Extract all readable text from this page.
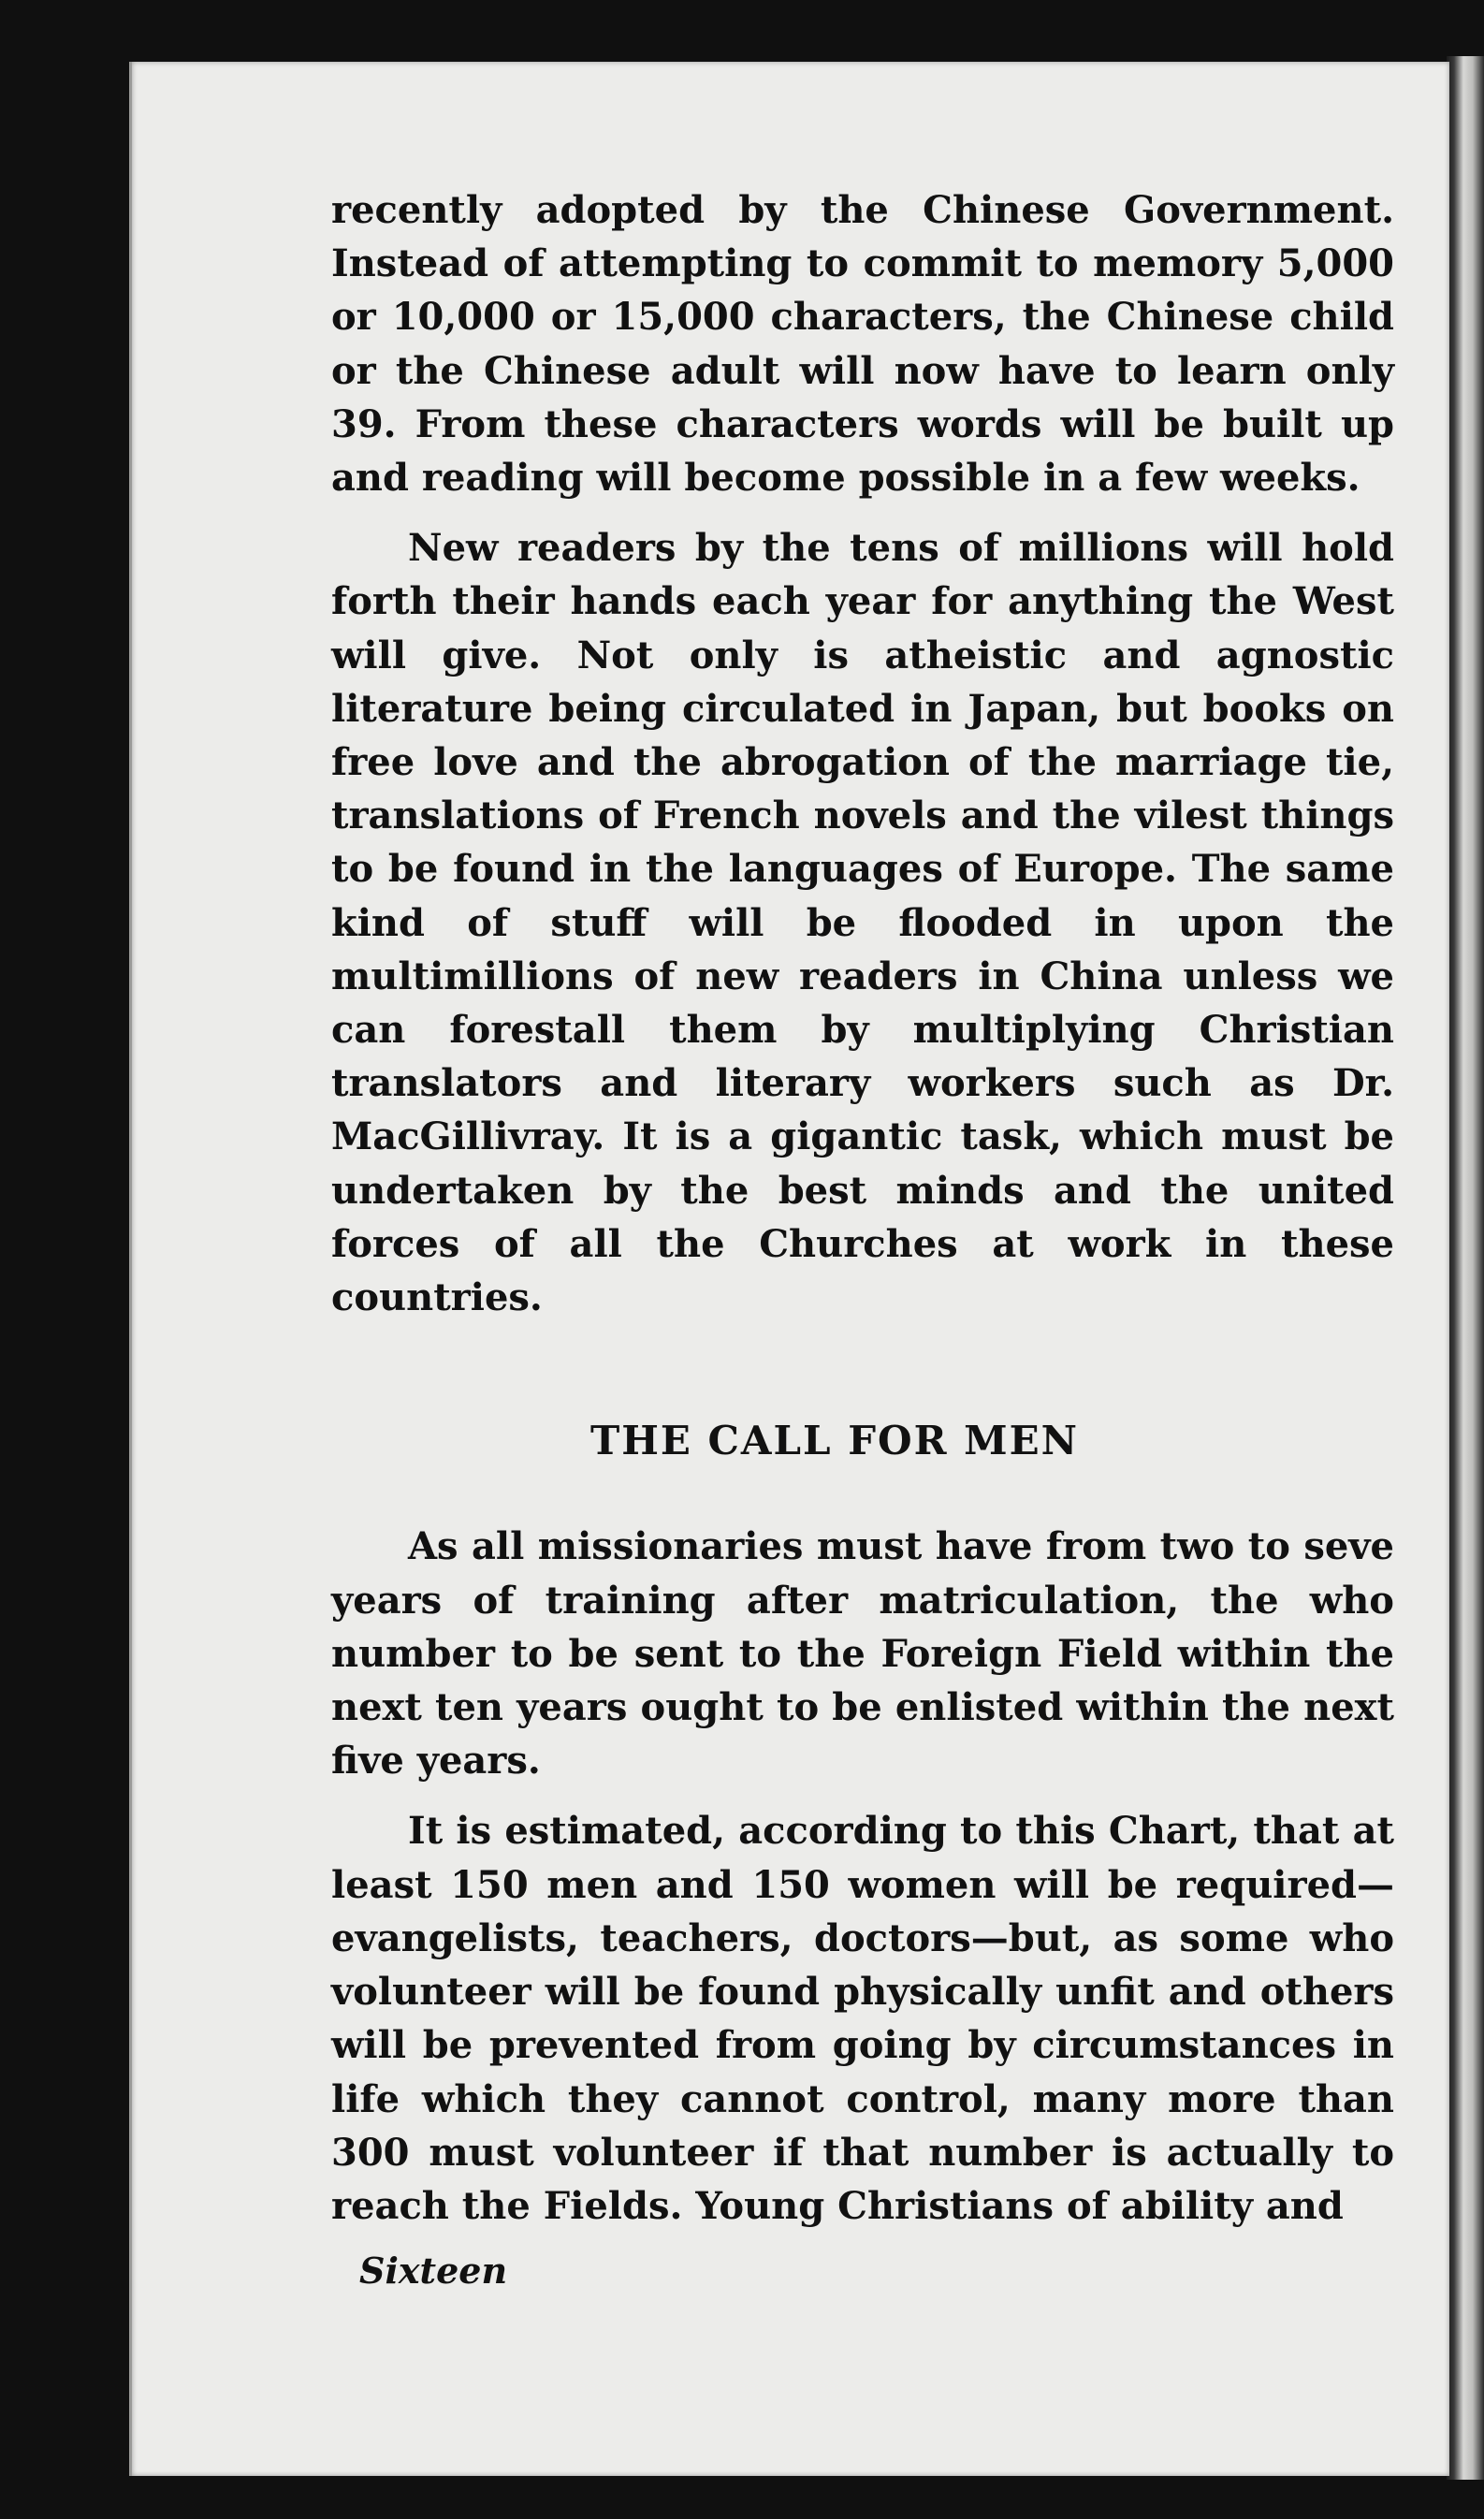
recently adopted by the Chinese Government. Instead of attempting to commit to memory 5,000 or 10,000 or 15,000 characters, the Chinese child or the Chinese adult will now have to learn only 39. From these characters words will be built up and reading will become possible in a few weeks.

New readers by the tens of millions will hold forth their hands each year for anything the West will give. Not only is atheistic and agnostic literature being circulated in Japan, but books on free love and the abrogation of the marriage tie, translations of French novels and the vilest things to be found in the languages of Europe. The same kind of stuff will be flooded in upon the multimillions of new readers in China unless we can forestall them by multiplying Christian translators and literary workers such as Dr. MacGillivray. It is a gigantic task, which must be undertaken by the best minds and the united forces of all the Churches at work in these countries.

THE CALL FOR MEN

As all missionaries must have from two to seve years of training after matriculation, the who number to be sent to the Foreign Field within the next ten years ought to be enlisted within the next five years.

It is estimated, according to this Chart, that at least 150 men and 150 women will be required—evangelists, teachers, doctors—but, as some who volunteer will be found physically unfit and others will be prevented from going by circumstances in life which they cannot control, many more than 300 must volunteer if that number is actually to reach the Fields. Young Christians of ability and

Sixteen
